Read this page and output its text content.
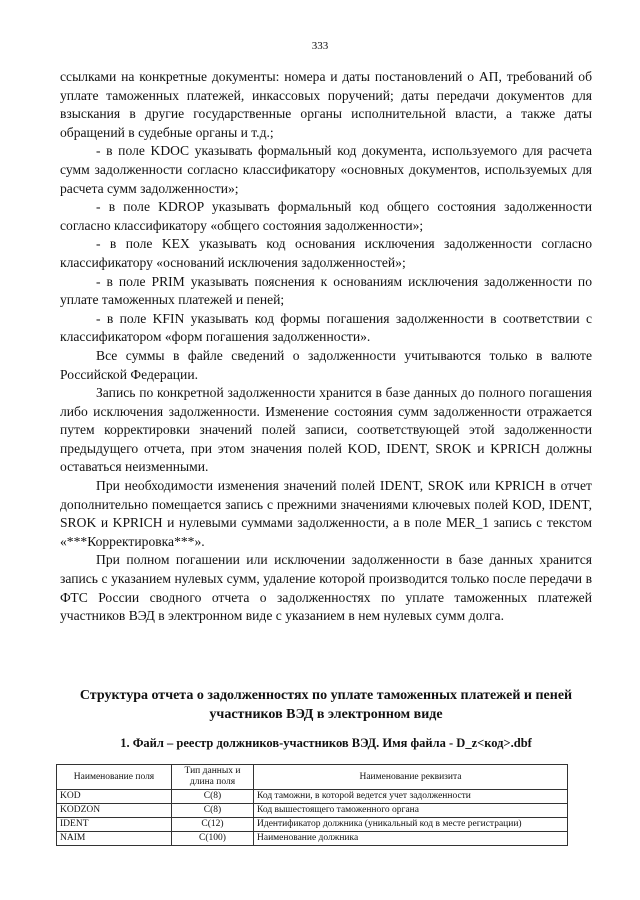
333

ссылками на конкретные документы: номера и даты постановлений о АП, требований об уплате таможенных платежей, инкассовых поручений; даты передачи документов для взыскания в другие государственные органы исполнительной власти, а также даты обращений в судебные органы и т.д.;

- в поле KDOC указывать формальный код документа, используемого для расчета сумм задолженности согласно классификатору «основных документов, используемых для расчета сумм задолженности»;

- в поле KDROP указывать формальный код общего состояния задолженности согласно классификатору «общего состояния задолженности»;

- в поле KEX указывать код основания исключения задолженности согласно классификатору «оснований исключения задолженностей»;

- в поле PRIM указывать пояснения к основаниям исключения задолженности по уплате таможенных платежей и пеней;

- в поле KFIN указывать код формы погашения задолженности в соответствии с классификатором «форм погашения задолженности».

Все суммы в файле сведений о задолженности учитываются только в валюте Российской Федерации.

Запись по конкретной задолженности хранится в базе данных до полного погашения либо исключения задолженности. Изменение состояния сумм задолженности отражается путем корректировки значений полей записи, соответствующей этой задолженности предыдущего отчета, при этом значения полей KOD, IDENT, SROK и KPRICH должны оставаться неизменными.

При необходимости изменения значений полей IDENT, SROK или KPRICH в отчет дополнительно помещается запись с прежними значениями ключевых полей KOD, IDENT, SROK и KPRICH и нулевыми суммами задолженности, а в поле MER_1 запись с текстом «***Корректировка***».

При полном погашении или исключении задолженности в базе данных хранится запись с указанием нулевых сумм, удаление которой производится только после передачи в ФТС России сводного отчета о задолженностях по уплате таможенных платежей участников ВЭД в электронном виде с указанием в нем нулевых сумм долга.

Структура отчета о задолженностях по уплате таможенных платежей и пеней участников ВЭД в электронном виде
1. Файл – реестр должников-участников ВЭД. Имя файла - D_z<код>.dbf
Наименование поля	Тип данных и длина поля	Наименование реквизита
KOD	C(8)	Код таможни, в которой ведется учет задолженности
KODZON	C(8)	Код вышестоящего таможенного органа
IDENT	C(12)	Идентификатор должника (уникальный код в месте регистрации)
NAIM	C(100)	Наименование должника
